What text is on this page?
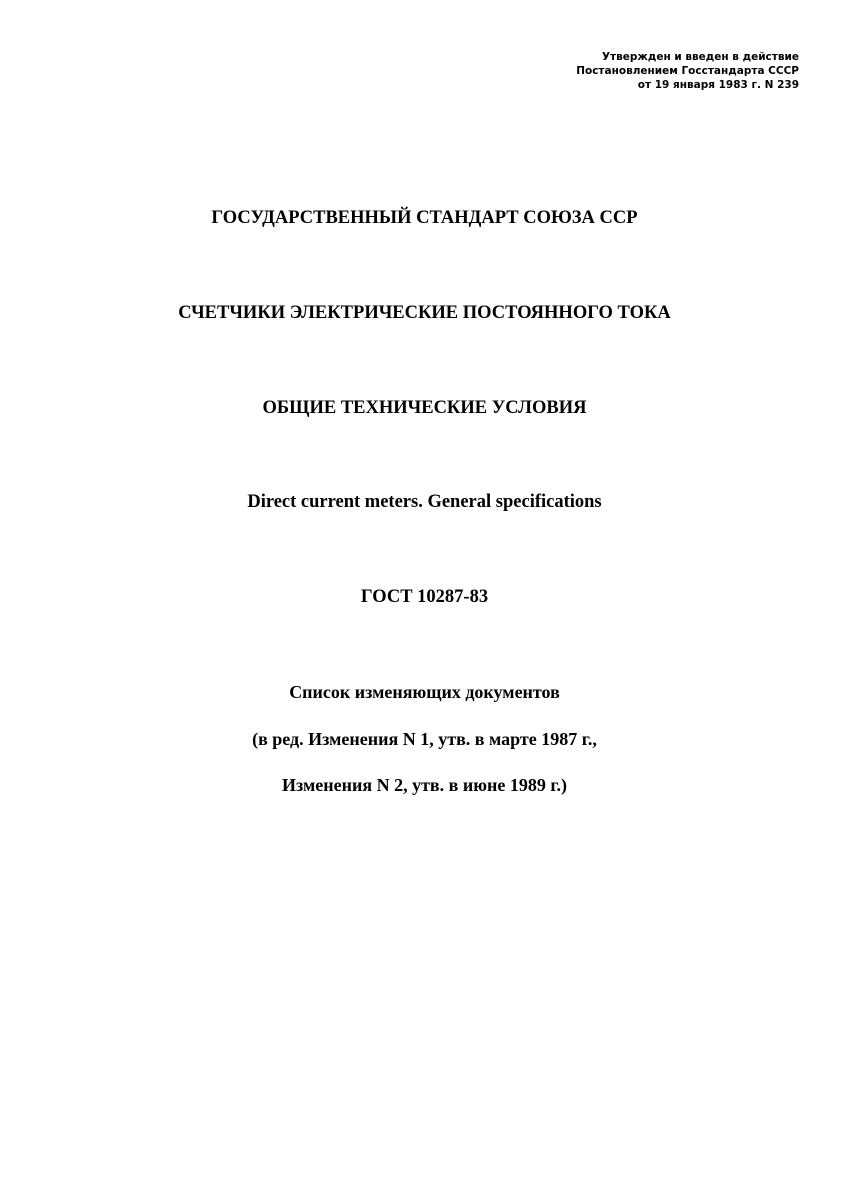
Утвержден и введен в действие
Постановлением Госстандарта СССР
от 19 января 1983 г. N 239
ГОСУДАРСТВЕННЫЙ СТАНДАРТ СОЮЗА ССР
СЧЕТЧИКИ ЭЛЕКТРИЧЕСКИЕ ПОСТОЯННОГО ТОКА
ОБЩИЕ ТЕХНИЧЕСКИЕ УСЛОВИЯ
Direct current meters. General specifications
ГОСТ 10287-83
Список изменяющих документов
(в ред. Изменения N 1, утв. в марте 1987 г.,
Изменения N 2, утв. в июне 1989 г.)
